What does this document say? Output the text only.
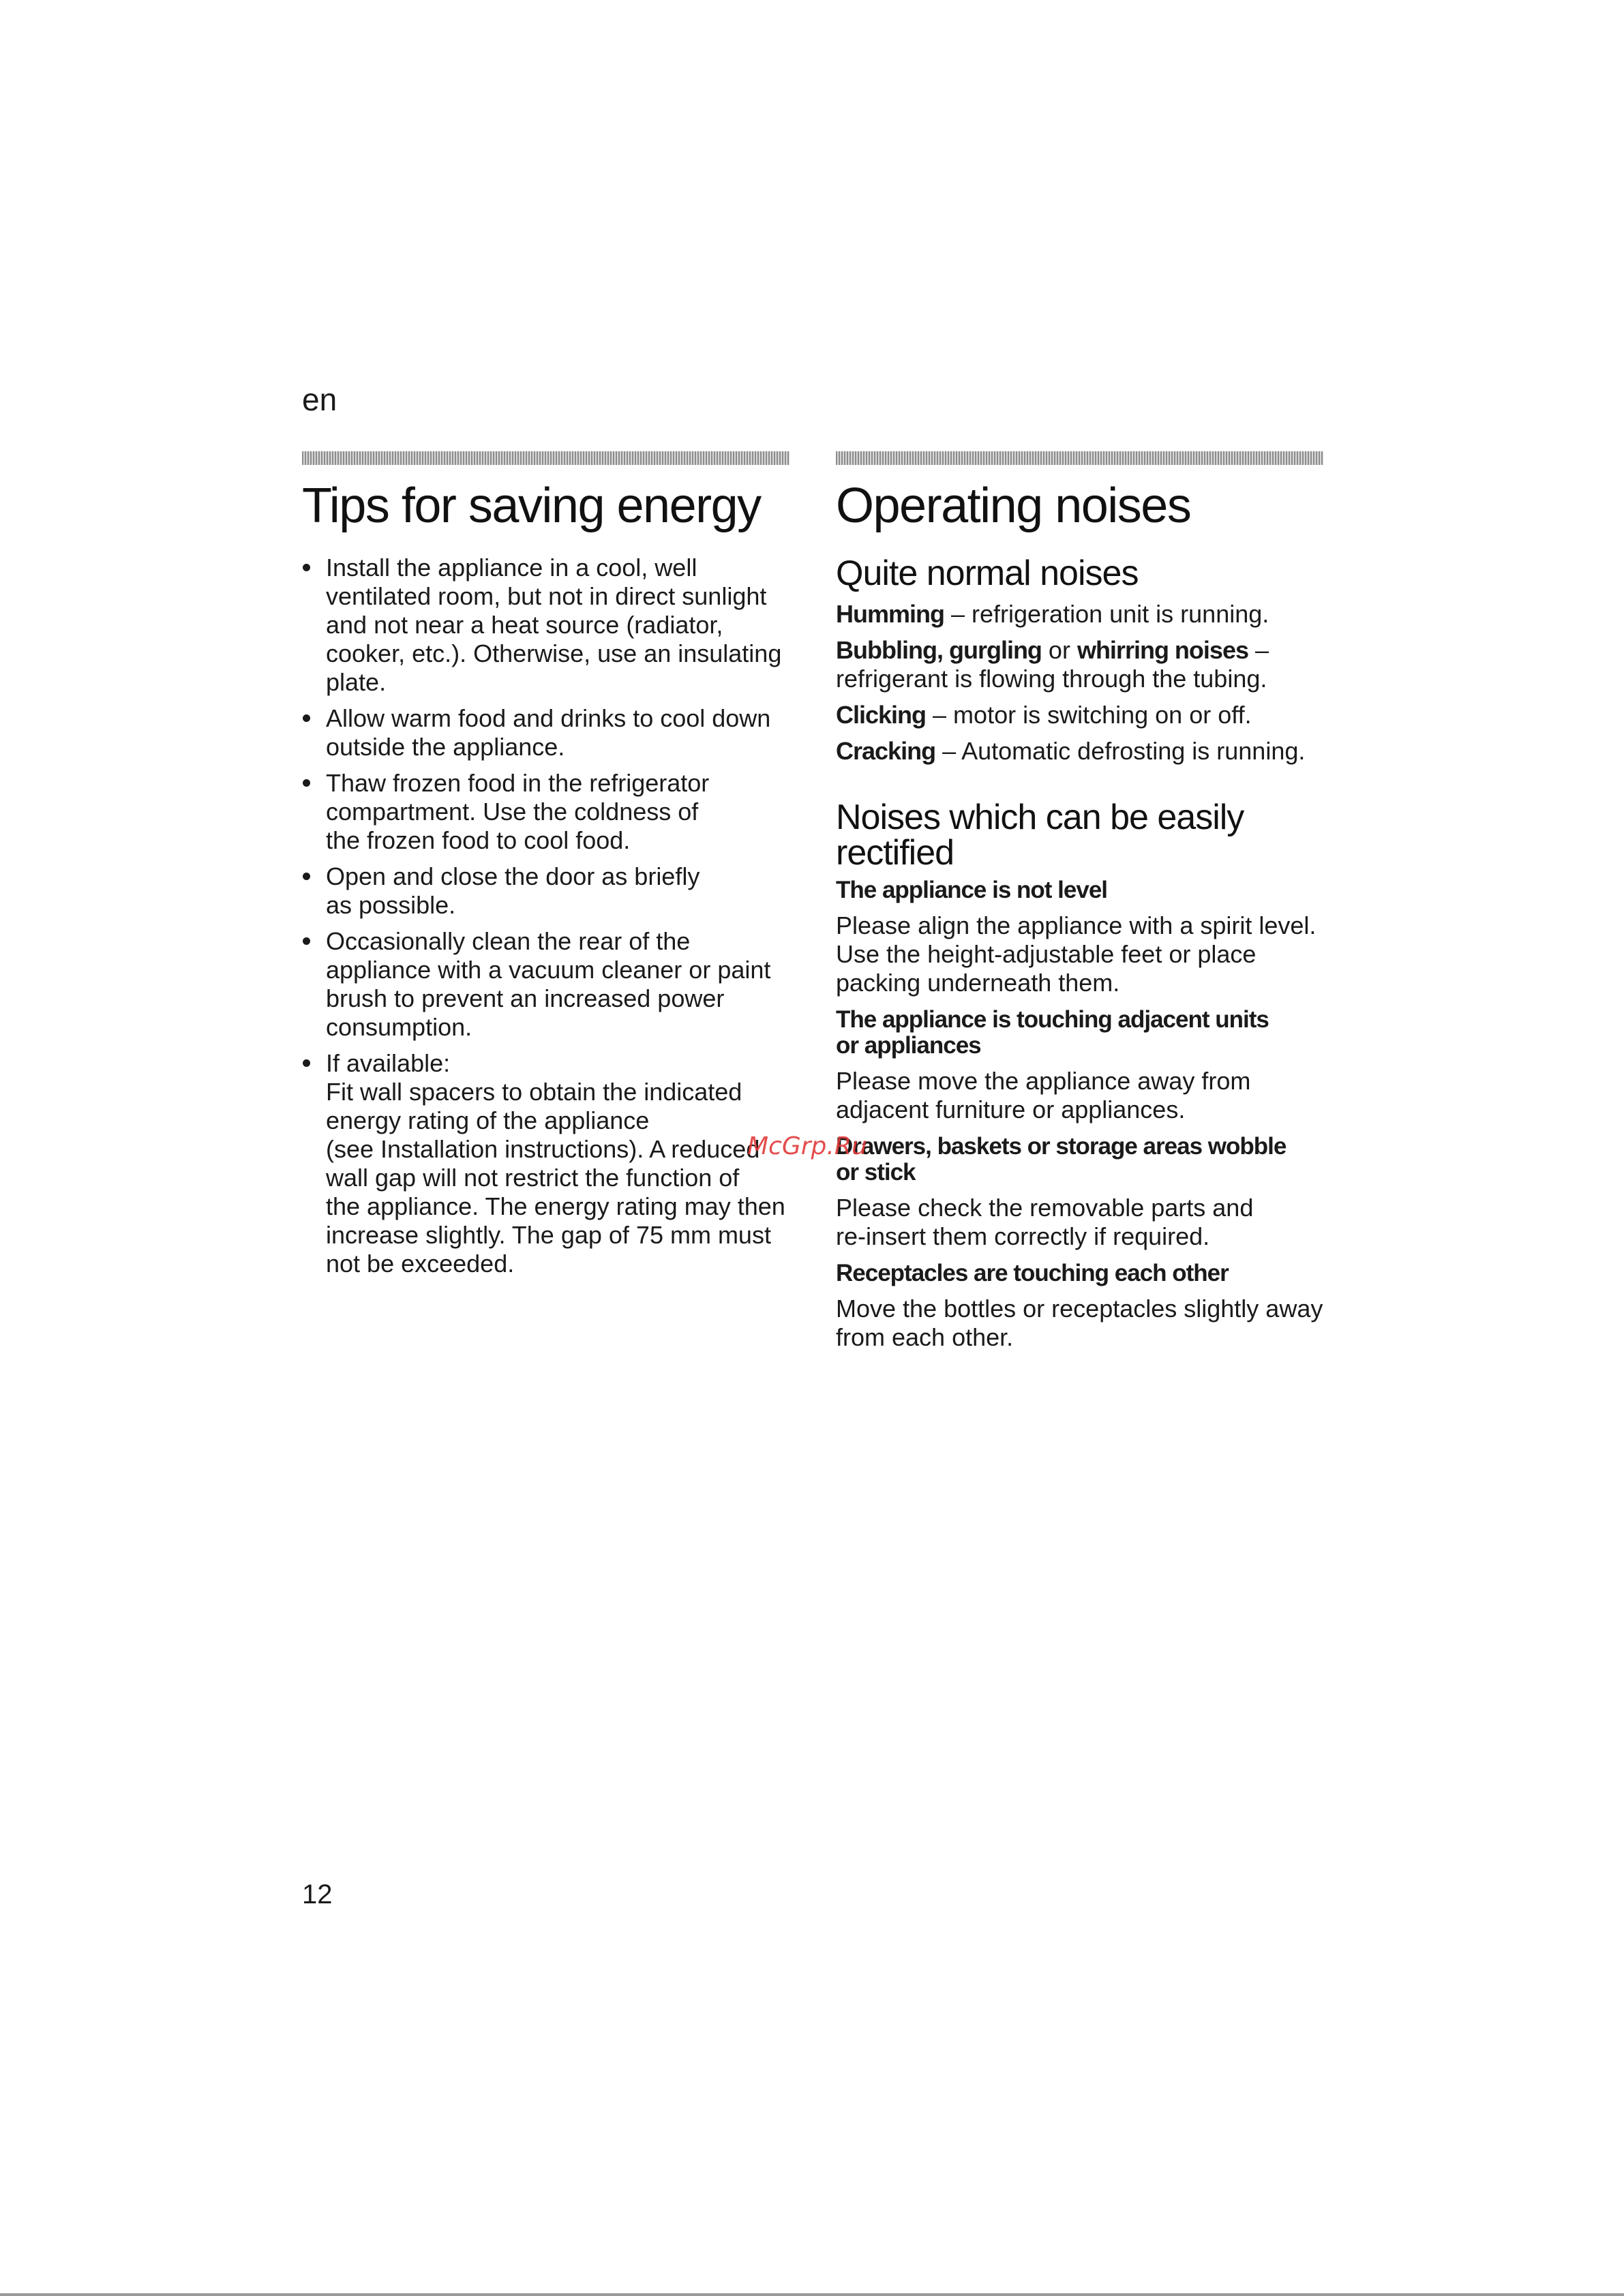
en
Tips for saving energy
Install the appliance in a cool, well
ventilated room, but not in direct sunlight
and not near a heat source (radiator,
cooker, etc.). Otherwise, use an insulating
plate.
Allow warm food and drinks to cool down
outside the appliance.
Thaw frozen food in the refrigerator
compartment. Use the coldness of
the frozen food to cool food.
Open and close the door as briefly
as possible.
Occasionally clean the rear of the
appliance with a vacuum cleaner or paint
brush to prevent an increased power
consumption.
If available:
Fit wall spacers to obtain the indicated
energy rating of the appliance
(see Installation instructions). A reduced
wall gap will not restrict the function of
the appliance. The energy rating may then
increase slightly. The gap of 75 mm must
not be exceeded.
Operating noises
Quite normal noises

Humming – refrigeration unit is running.

Bubbling, gurgling or whirring noises –
refrigerant is flowing through the tubing.

Clicking – motor is switching on or off.

Cracking – Automatic defrosting is running.

Noises which can be easily
rectified
The appliance is not level

Please align the appliance with a spirit level.
Use the height-adjustable feet or place
packing underneath them.

The appliance is touching adjacent units
or appliances

Please move the appliance away from
adjacent furniture or appliances.

Drawers, baskets or storage areas wobble
or stick

Please check the removable parts and
re-insert them correctly if required.

Receptacles are touching each other

Move the bottles or receptacles slightly away
from each other.

McGrp.Ru
12
